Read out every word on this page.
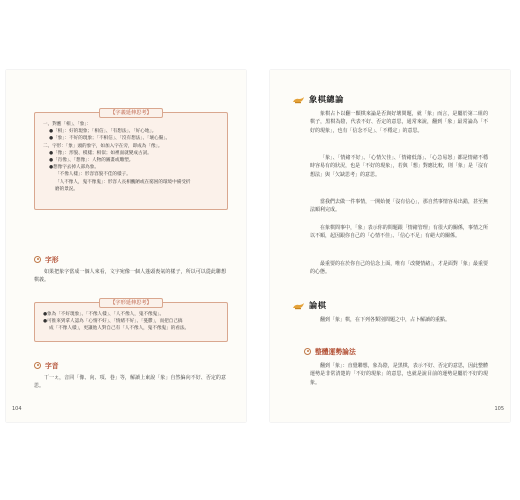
【字義延伸思考】
一、對應「相」、「象」：
●「相」：好的現象；「相信」、「有想法」、「好心地」。
●「象」：不好的現象；「不相信」、「沒有想法」、「壞心腸」。
二、字形：「象」頭的象字，如加入字在旁，即成為「像」。
●「像」：形貌、模樣；相似；如裡面就變成古詞。
●「肖像」、「想像」：人物的圖畫或雕塑。
●想像字去掉人部為象。
「不像人樣」：形容容貌不佳的樣子。
「人不像人，鬼不像鬼」：形容人長相醜陋或在窮困的環境中備受折
磨的景況。
字形
如果把象字當成一個人來看，文字宛像一個人蓬頭喪氣的樣子，所以可以從此聯想棋義。
【字形延伸思考】
●象為「不好現象」、「不像人樣」、「人不像人，鬼不像鬼」。
●可推來到拿人認為「心情不好」、「情緒不好」、「憂鬱」，而把自己搞
成「不像人樣」，更讓他人對自己有「人不像人，鬼不像鬼」的看法。
字音
丅一ㄤ，音同「像、向、項、巷」等，解讀上東說「象」自然偏向不好、否定的意思。
104
象棋總論
象棋占卜以翻一顆棋來論是否與好壞問題，就「象」而言，是屬於第二組的棋子，黑棋為陰，代表不好、否定的意思，通常來說，翻到「象」最常論為「不好的現象」，也有「信念不足」、「不穩定」的意思。
「象」、「情緒不好」、「心情欠佳」、「情緒低落」、「心急易怒」都是情緒不穩時容易有的狀況，也是「不好的現象」，若與「想」對應比較，則「象」是「沒有想法」與「欠缺思考」的意思。
當我們去做一件事情，一開始便「沒有信心」，那自然事情容易出錯，甚至無法順利完成。
在象棋問事中，「象」表示你的問題跟「情緒管理」有很大的關係，事情之所以不順，起因跟你自己的「心情不佳」、「信心不足」有絕大的關係。
最重要的在於你自己的信念上面，唯有「改變情緒」，才是面對「象」最重要的心態。
論棋
翻到「象」棋，在下列各類別問題之中，占卜解讀的重點。
整體運勢論法
翻到「象」：直覺聯想，象為陰，是黑棋，表示不好、否定的意思，因此整體運勢是非常清楚的「不好的現象」的意思，也就是說目前的運勢是屬於不好的現象。
105
